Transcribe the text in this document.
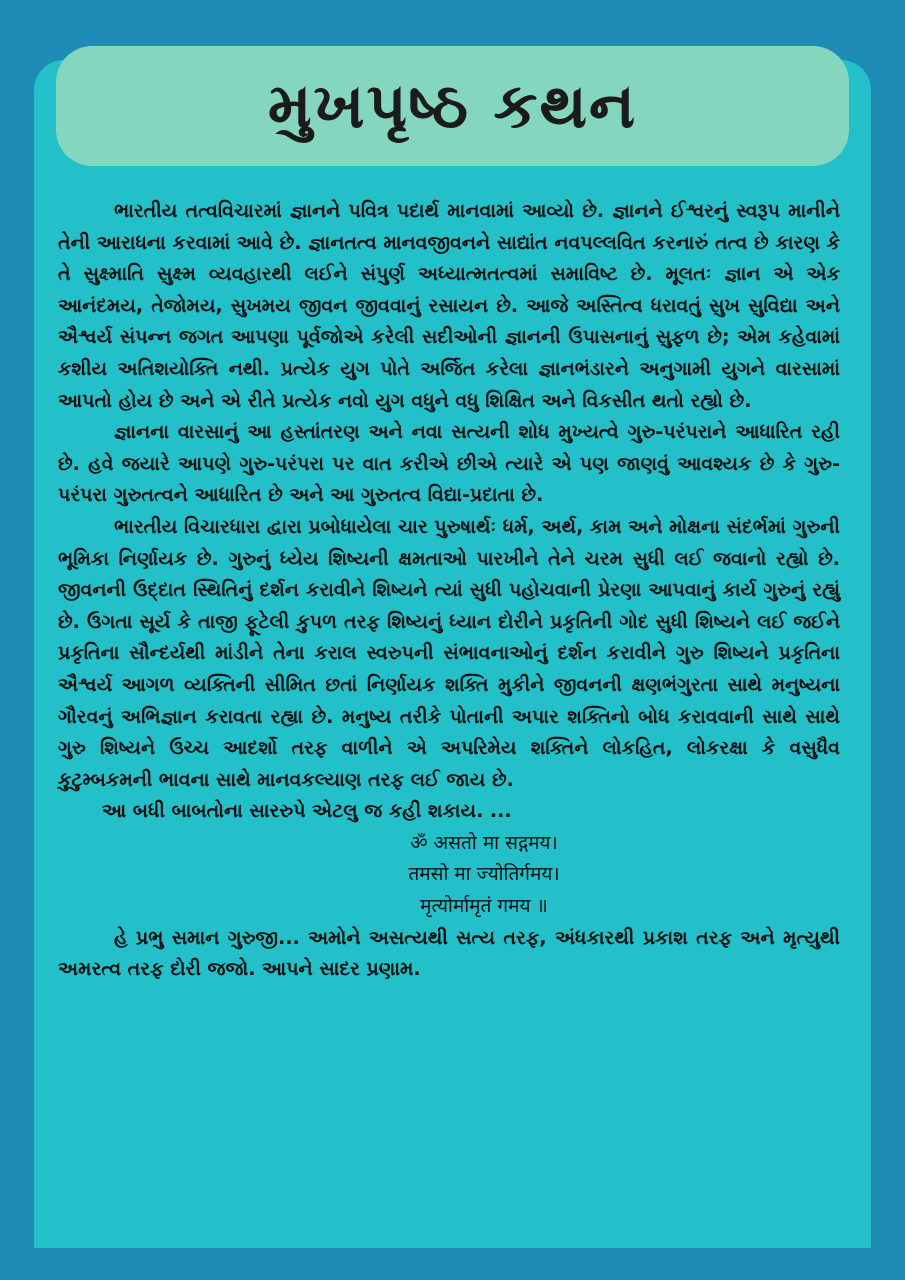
મુખપૃષ્ઠ કથન

ભારતીય તત્વવિચારમાં જ્ઞાનને પવિત્ર પદાર્થ માનવામાં આવ્યો છે. જ્ઞાનને ઈશ્વરનું સ્વરૂપ માનીને તેની આરાધના કરવામાં આવે છે. જ્ઞાનતત્વ માનવજીવનને સાદ્યાંત નવપલ્લવિત કરનારું તત્વ છે કારણ કે તે સુક્ષ્માતિ સુક્ષ્મ વ્યવહારથી લઈને સંપુર્ણ અધ્યાત્મતત્વમાં સમાવિષ્ટ છે. મૂલતઃ જ્ઞાન એ એક આનંદમય, તેજોમય, સુખમય જીવન જીવવાનું રસાયન છે. આજે અસ્તિત્વ ધરાવતું સુખ સુવિદ્યા અને ઐશ્વર્ય સંપન્ન જગત આપણા પૂર્વજોએ કરેલી સદીઓની જ્ઞાનની ઉપાસનાનું સુફળ છે; એમ કહેવામાં કશીય અતિશયોક્તિ નથી. પ્રત્યેક યુગ પોતે અર્જિત કરેલા જ્ઞાનભંડારને અનુગામી યુગને વારસામાં આપતો હોય છે અને એ રીતે પ્રત્યેક નવો યુગ વધુને વધુ શિક્ષિત અને વિકસીત થતો રહ્યો છે.

જ્ઞાનના વારસાનું આ હસ્તાંતરણ અને નવા સત્યની શોધ મુખ્યત્વે ગુરુ-પરંપરાને આધારિત રહી છે. હવે જયારે આપણે ગુરુ-પરંપરા પર વાત કરીએ છીએ ત્યારે એ પણ જાણવું આવશ્યક છે કે ગુરુ-પરંપરા ગુરુતત્વને આધારિત છે અને આ ગુરુતત્વ વિદ્યા-પ્રદાતા છે.

ભારતીય વિચારધારા દ્વારા પ્રબોધાયેલા ચાર પુરુષાર્થઃ ધર્મ, અર્થ, કામ અને મોક્ષના સંદર્ભમાં ગુરુની ભૂમિકા નિર્ણાયક છે. ગુરુનું ધ્યેય શિષ્યની ક્ષમતાઓ પારખીને તેને ચરમ સુધી લઈ જવાનો રહ્યો છે. જીવનની ઉદ્દાત સ્થિતિનું દર્શન કરાવીને શિષ્યને ત્યાં સુધી પહોચવાની પ્રેરણા આપવાનું કાર્ય ગુરુનું રહ્યું છે. ઉગતા સૂર્ય કે તાજી ફૂટેલી કુપળ તરફ શિષ્યનું ધ્યાન દોરીને પ્રકૃતિની ગોદ સુધી શિષ્યને લઈ જઈને પ્રકૃતિના સૌન્દર્યથી માંડીને તેના કરાલ સ્વરુપની સંભાવનાઓનું દર્શન કરાવીને ગુરુ શિષ્યને પ્રકૃતિના ઐશ્વર્ય આગળ વ્યક્તિની સીમિત છતાં નિર્ણાયક શક્તિ મુકીને જીવનની ક્ષણભંગુરતા સાથે મનુષ્યના ગૌરવનું અભિજ્ઞાન કરાવતા રહ્યા છે. મનુષ્ય તરીકે પોતાની અપાર શક્તિનો બોધ કરાવવાની સાથે સાથે ગુરુ શિષ્યને ઉચ્ચ આદર્શો તરફ વાળીને એ અપરિમેય શક્તિને લોકહિત, લોકરક્ષા કે વસુધૈવ કુટુમ્બકમની ભાવના સાથે માનવકલ્યાણ તરફ લઈ જાય છે.

આ બધી બાબતોના સારરુપે એટલુ જ કહી શકાય. ...

ॐ असतो मा सद्गमय।

तमसो मा ज्योतिर्गमय।

मृत्योर्मामृतं गमय ॥

હે પ્રભુ સમાન ગુરુજી... અમોને અસત્યથી સત્ય તરફ, અંધકારથી પ્રકાશ તરફ અને મૃત્યુથી અમરત્વ તરફ દોરી જજો. આપને સાદર પ્રણામ.
